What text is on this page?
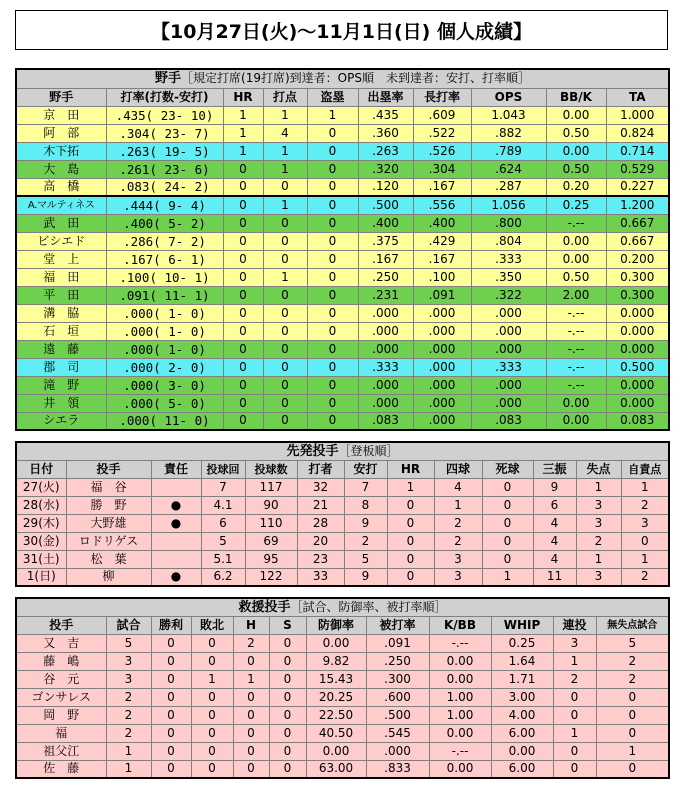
【10月27日(火)～11月1日(日) 個人成績】
野手［規定打席(19打席)到達者：OPS順　未到達者：安打、打率順］									
野手	打率(打数-安打)	HR	打点	盗塁	出塁率	長打率	OPS	BB/K	TA
京　田	.435( 23- 10)	1	1	1	.435	.609	1.043	0.00	1.000
阿　部	.304( 23- 7)	1	4	0	.360	.522	.882	0.50	0.824
木下拓	.263( 19- 5)	1	1	0	.263	.526	.789	0.00	0.714
大　島	.261( 23- 6)	0	1	0	.320	.304	.624	0.50	0.529
高　橋	.083( 24- 2)	0	0	0	.120	.167	.287	0.20	0.227
A.マルティネス	.444( 9- 4)	0	1	0	.500	.556	1.056	0.25	1.200
武　田	.400( 5- 2)	0	0	0	.400	.400	.800	-.--	0.667
ビシエド	.286( 7- 2)	0	0	0	.375	.429	.804	0.00	0.667
堂　上	.167( 6- 1)	0	0	0	.167	.167	.333	0.00	0.200
福　田	.100( 10- 1)	0	1	0	.250	.100	.350	0.50	0.300
平　田	.091( 11- 1)	0	0	0	.231	.091	.322	2.00	0.300
溝　脇	.000( 1- 0)	0	0	0	.000	.000	.000	-.--	0.000
石　垣	.000( 1- 0)	0	0	0	.000	.000	.000	-.--	0.000
遠　藤	.000( 1- 0)	0	0	0	.000	.000	.000	-.--	0.000
郡　司	.000( 2- 0)	0	0	0	.333	.000	.333	-.--	0.500
滝　野	.000( 3- 0)	0	0	0	.000	.000	.000	-.--	0.000
井　領	.000( 5- 0)	0	0	0	.000	.000	.000	0.00	0.000
シエラ	.000( 11- 0)	0	0	0	.083	.000	.083	0.00	0.083
先発投手［登板順］												
日付	投手	責任	投球回	投球数	打者	安打	HR	四球	死球	三振	失点	自責点
27(火)	福　谷		7	117	32	7	1	4	0	9	1	1
28(水)	勝　野	●	4.1	90	21	8	0	1	0	6	3	2
29(木)	大野雄	●	6	110	28	9	0	2	0	4	3	3
30(金)	ロドリゲス		5	69	20	2	0	2	0	4	2	0
31(土)	松　葉		5.1	95	23	5	0	3	0	4	1	1
1(日)	柳	●	6.2	122	33	9	0	3	1	11	3	2
救援投手［試合、防御率、被打率順］											
投手	試合	勝利	敗北	H	S	防御率	被打率	K/BB	WHIP	連投	無失点試合
又　吉	5	0	0	2	0	0.00	.091	-.--	0.25	3	5
藤　嶋	3	0	0	0	0	9.82	.250	0.00	1.64	1	2
谷　元	3	0	1	1	0	15.43	.300	0.00	1.71	2	2
ゴンサレス	2	0	0	0	0	20.25	.600	1.00	3.00	0	0
岡　野	2	0	0	0	0	22.50	.500	1.00	4.00	0	0
福	2	0	0	0	0	40.50	.545	0.00	6.00	1	0
祖父江	1	0	0	0	0	0.00	.000	-.--	0.00	0	1
佐　藤	1	0	0	0	0	63.00	.833	0.00	6.00	0	0
